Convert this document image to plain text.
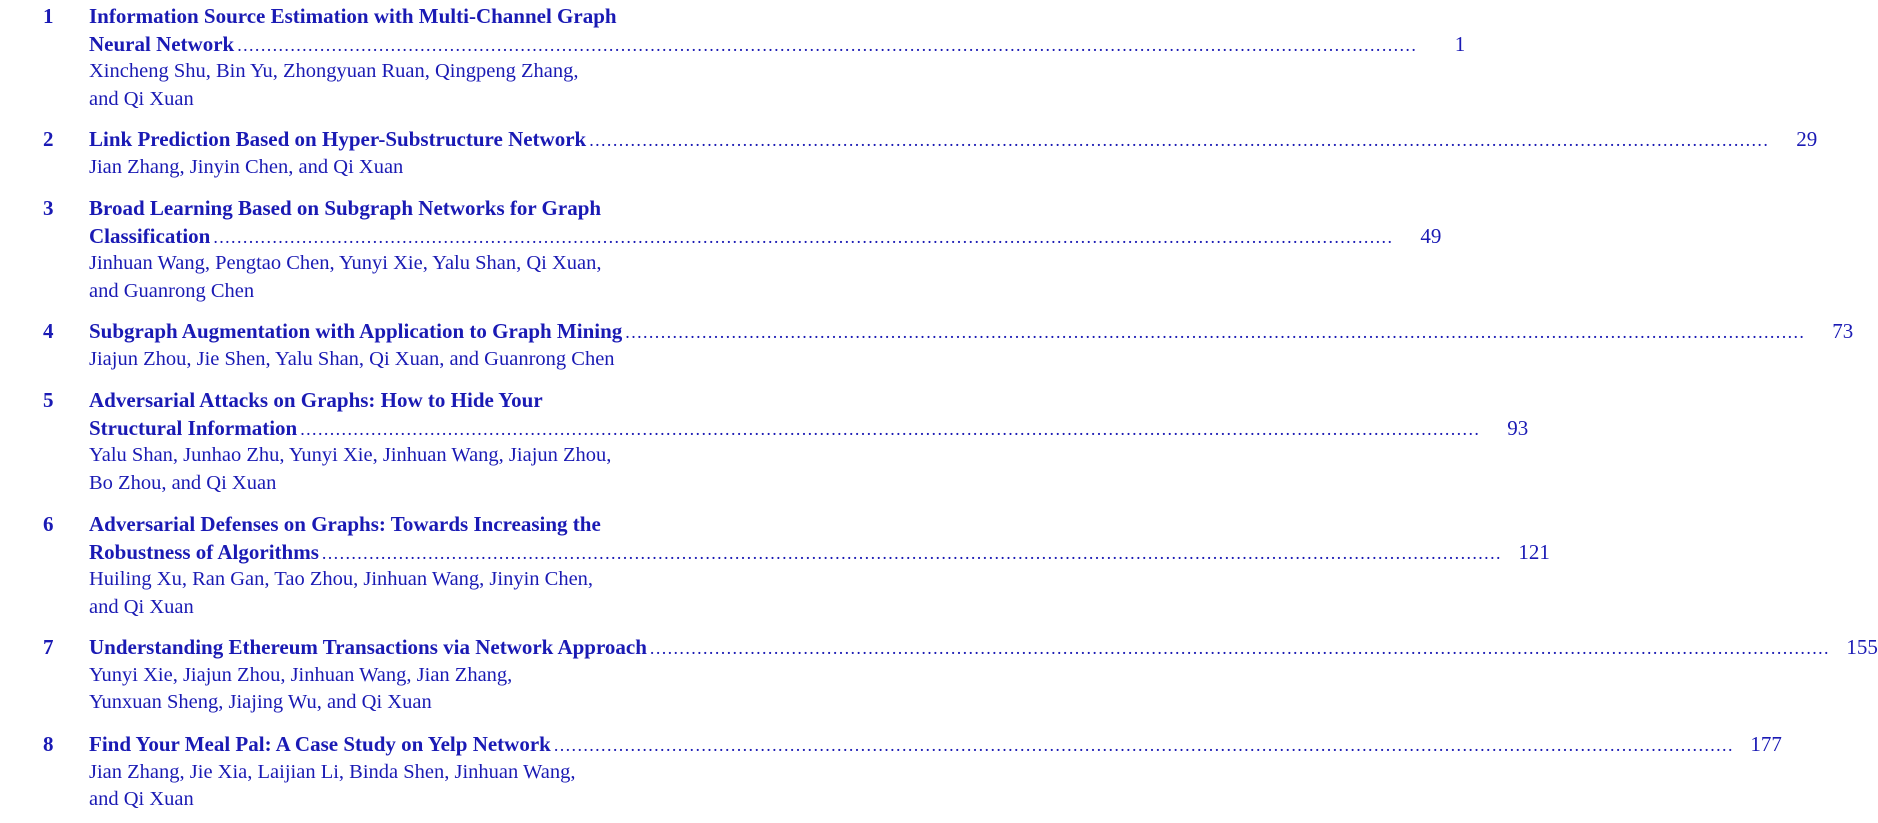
1 Information Source Estimation with Multi-Channel Graph
Neural Network ........................................................................................................................................................................................................	1
Xincheng Shu, Bin Yu, Zhongyuan Ruan, Qingpeng Zhang,
and Qi Xuan
2 Link Prediction Based on Hyper-Substructure Network ........................................................................................................................................................................................................	29
Jian Zhang, Jinyin Chen, and Qi Xuan
3 Broad Learning Based on Subgraph Networks for Graph
Classification ........................................................................................................................................................................................................	49
Jinhuan Wang, Pengtao Chen, Yunyi Xie, Yalu Shan, Qi Xuan,
and Guanrong Chen
4 Subgraph Augmentation with Application to Graph Mining ........................................................................................................................................................................................................	73
Jiajun Zhou, Jie Shen, Yalu Shan, Qi Xuan, and Guanrong Chen
5 Adversarial Attacks on Graphs: How to Hide Your
Structural Information ........................................................................................................................................................................................................	93
Yalu Shan, Junhao Zhu, Yunyi Xie, Jinhuan Wang, Jiajun Zhou,
Bo Zhou, and Qi Xuan
6 Adversarial Defenses on Graphs: Towards Increasing the
Robustness of Algorithms ........................................................................................................................................................................................................ 121
Huiling Xu, Ran Gan, Tao Zhou, Jinhuan Wang, Jinyin Chen,
and Qi Xuan
7 Understanding Ethereum Transactions via Network Approach ........................................................................................................................................................................................................ 155
Yunyi Xie, Jiajun Zhou, Jinhuan Wang, Jian Zhang,
Yunxuan Sheng, Jiajing Wu, and Qi Xuan
8 Find Your Meal Pal: A Case Study on Yelp Network ........................................................................................................................................................................................................ 177
Jian Zhang, Jie Xia, Laijian Li, Binda Shen, Jinhuan Wang,
and Qi Xuan
